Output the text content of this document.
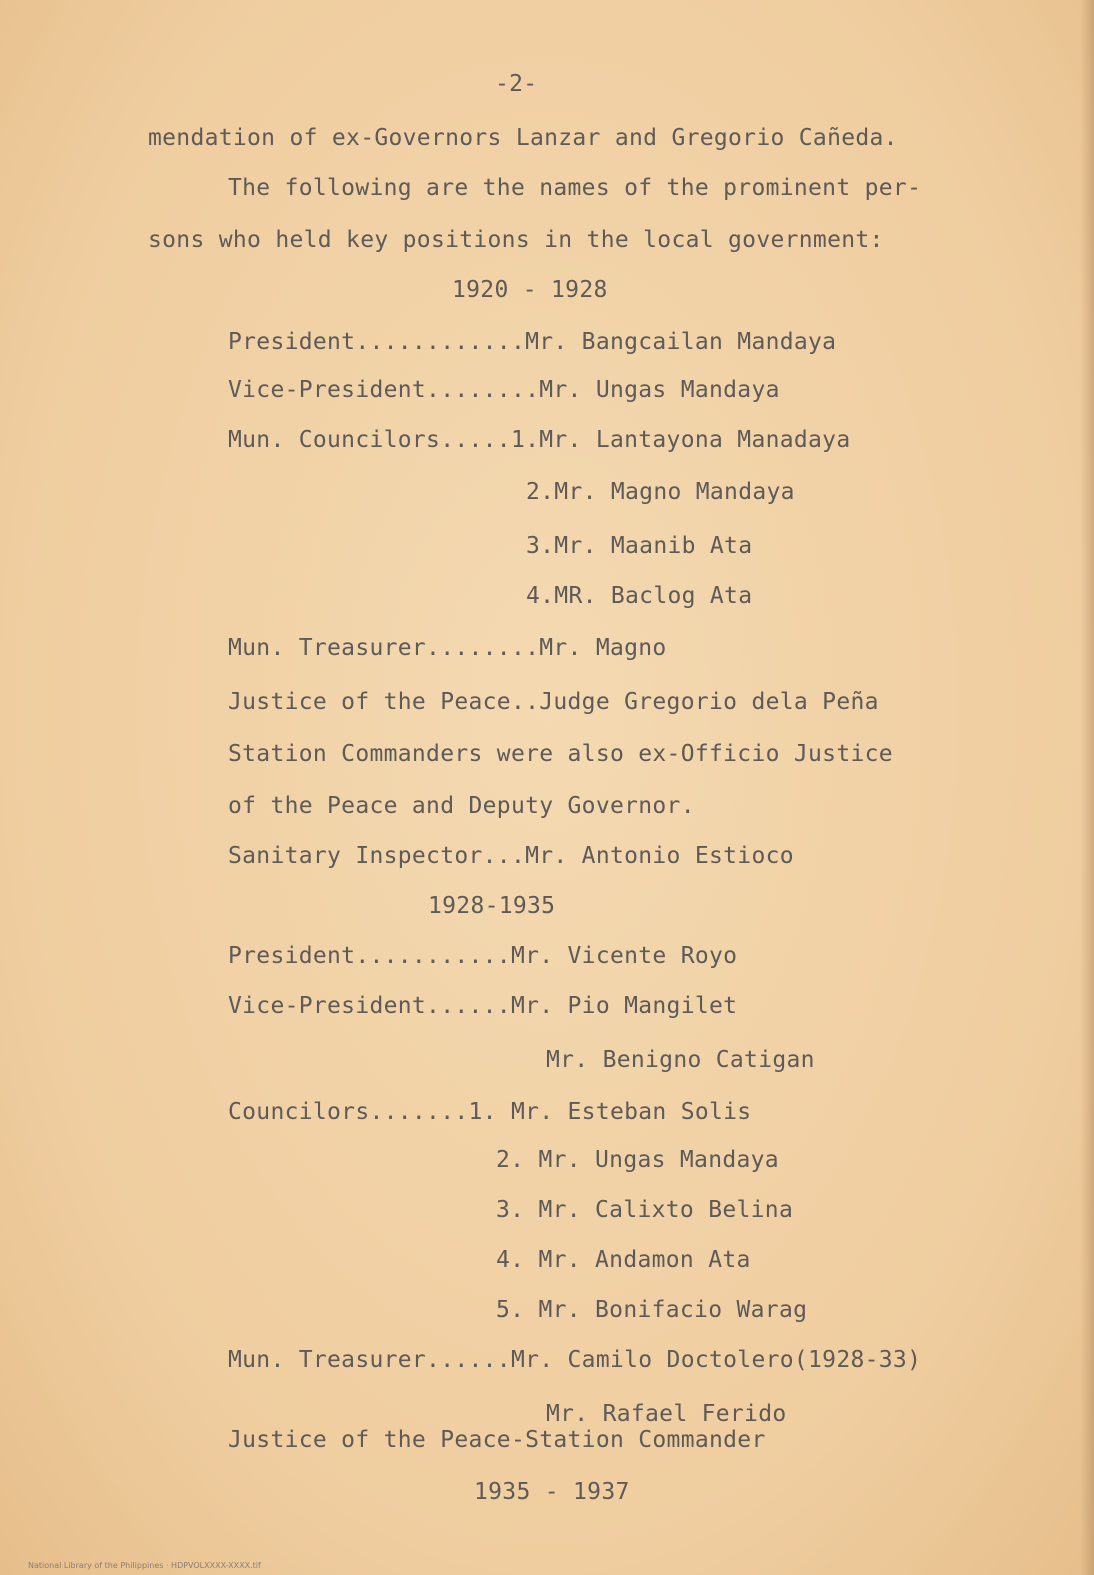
-2-
mendation of ex-Governors Lanzar and Gregorio Cañeda.
The following are the names of the prominent per-
sons who held key positions in the local government:
1920 - 1928
President............Mr. Bangcailan Mandaya
Vice-President........Mr. Ungas Mandaya
Mun. Councilors.....1.Mr. Lantayona Manadaya
2.Mr. Magno Mandaya
3.Mr. Maanib Ata
4.MR. Baclog Ata
Mun. Treasurer........Mr. Magno
Justice of the Peace..Judge Gregorio dela Peña
Station Commanders were also ex-Officio Justice
of the Peace and Deputy Governor.
Sanitary Inspector...Mr. Antonio Estioco
1928-1935
President...........Mr. Vicente Royo
Vice-President......Mr. Pio Mangilet
Mr. Benigno Catigan
Councilors.......1. Mr. Esteban Solis
2. Mr. Ungas Mandaya
3. Mr. Calixto Belina
4. Mr. Andamon Ata
5. Mr. Bonifacio Warag
Mun. Treasurer......Mr. Camilo Doctolero(1928-33)
Mr. Rafael Ferido
Justice of the Peace-Station Commander
1935 - 1937
National Library of the Philippines · HDPVOLXXXX-XXXX.tif
